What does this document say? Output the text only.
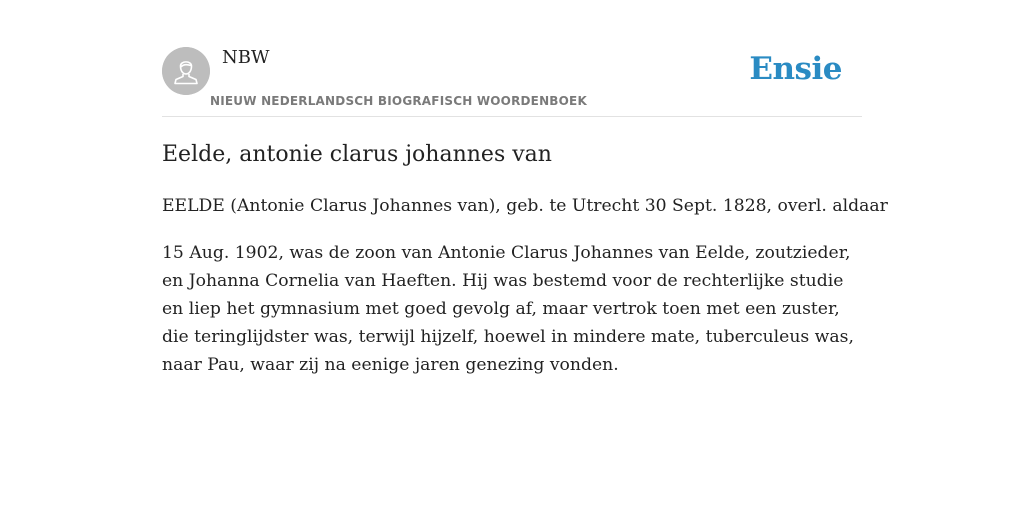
NBW
NIEUW NEDERLANDSCH BIOGRAFISCH WOORDENBOEK
Ensie
Eelde, antonie clarus johannes van

EELDE (Antonie Clarus Johannes van), geb. te Utrecht 30 Sept. 1828, overl. aldaar

15 Aug. 1902, was de zoon van Antonie Clarus Johannes van Eelde, zoutzieder, en Johanna Cornelia van Haeften. Hij was bestemd voor de rechterlijke studie en liep het gymnasium met goed gevolg af, maar vertrok toen met een zuster, die teringlijdster was, terwijl hijzelf, hoewel in mindere mate, tuberculeus was, naar Pau, waar zij na eenige jaren genezing vonden.
